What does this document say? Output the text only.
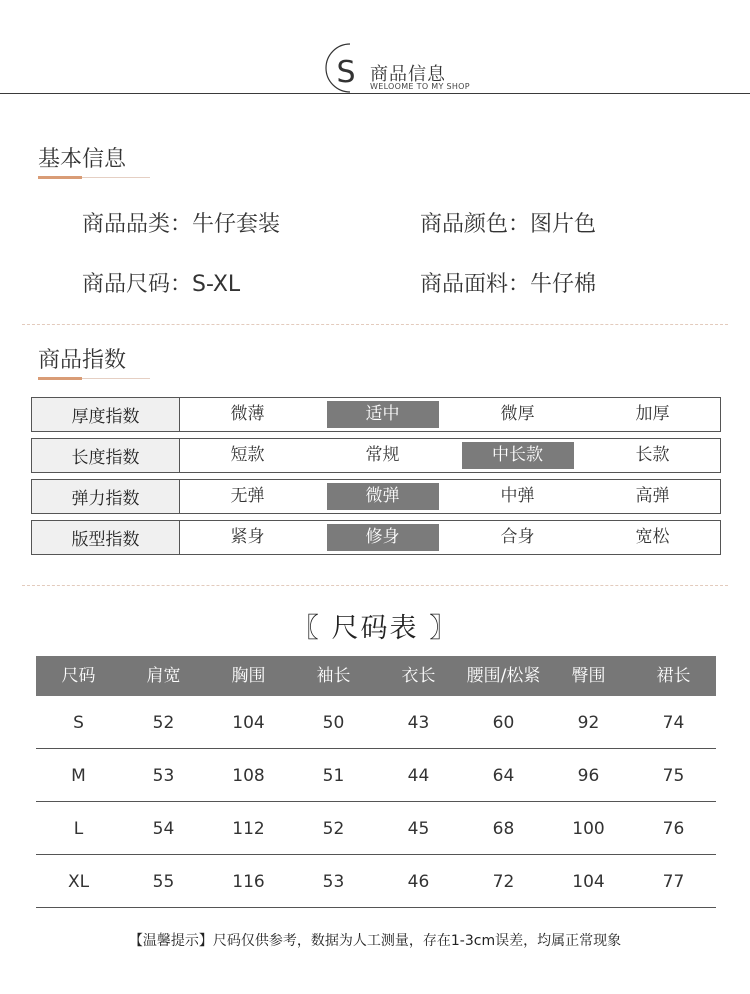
S 商品信息
WELOOME TO MY SHOP
基本信息
商品品类：牛仔套装	商品颜色：图片色
商品尺码：S-XL	商品面料：牛仔棉
商品指数
厚度指数	微薄	适中	微厚	加厚
长度指数	短款	常规	中长款	长款
弹力指数	无弹	微弹	中弹	高弹
版型指数	紧身	修身	合身	宽松
〖 尺码表 〗
尺码	肩宽	胸围	袖长	衣长	腰围/松紧	臀围	裙长
S	52	104	50	43	60	92	74
M	53	108	51	44	64	96	75
L	54	112	52	45	68	100	76
XL	55	116	53	46	72	104	77
【温馨提示】尺码仅供参考，数据为人工测量，存在1-3cm误差，均属正常现象
